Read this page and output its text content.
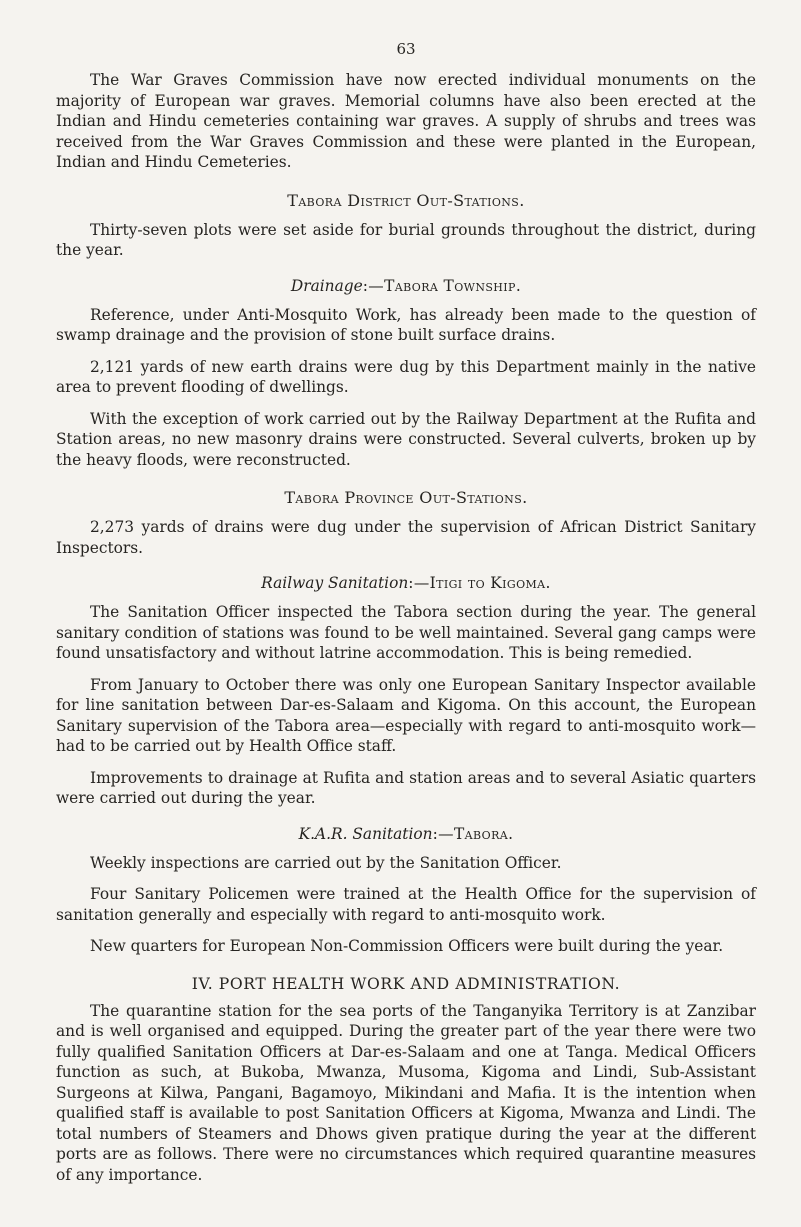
63

The War Graves Commission have now erected individual monuments on the majority of European war graves. Memorial columns have also been erected at the Indian and Hindu cemeteries containing war graves. A supply of shrubs and trees was received from the War Graves Commission and these were planted in the European, Indian and Hindu Cemeteries.

Tabora District Out-Stations.

Thirty-seven plots were set aside for burial grounds throughout the district, during the year.

Drainage:—Tabora Township.

Reference, under Anti-Mosquito Work, has already been made to the question of swamp drainage and the provision of stone built surface drains.

2,121 yards of new earth drains were dug by this Department mainly in the native area to prevent flooding of dwellings.

With the exception of work carried out by the Railway Department at the Rufita and Station areas, no new masonry drains were constructed. Several culverts, broken up by the heavy floods, were reconstructed.

Tabora Province Out-Stations.

2,273 yards of drains were dug under the supervision of African District Sanitary Inspectors.

Railway Sanitation:—Itigi to Kigoma.

The Sanitation Officer inspected the Tabora section during the year. The general sanitary condition of stations was found to be well maintained. Several gang camps were found unsatisfactory and without latrine accommodation. This is being remedied.

From January to October there was only one European Sanitary Inspector available for line sanitation between Dar-es-Salaam and Kigoma. On this account, the European Sanitary supervision of the Tabora area—especially with regard to anti-mosquito work—had to be carried out by Health Office staff.

Improvements to drainage at Rufita and station areas and to several Asiatic quarters were carried out during the year.

K.A.R. Sanitation:—Tabora.

Weekly inspections are carried out by the Sanitation Officer.

Four Sanitary Policemen were trained at the Health Office for the supervision of sanitation generally and especially with regard to anti-mosquito work.

New quarters for European Non-Commission Officers were built during the year.

IV. PORT HEALTH WORK AND ADMINISTRATION.

The quarantine station for the sea ports of the Tanganyika Territory is at Zanzibar and is well organised and equipped. During the greater part of the year there were two fully qualified Sanitation Officers at Dar-es-Salaam and one at Tanga. Medical Officers function as such, at Bukoba, Mwanza, Musoma, Kigoma and Lindi, Sub-Assistant Surgeons at Kilwa, Pangani, Bagamoyo, Mikindani and Mafia. It is the intention when qualified staff is available to post Sanitation Officers at Kigoma, Mwanza and Lindi. The total numbers of Steamers and Dhows given pratique during the year at the different ports are as follows. There were no circumstances which required quarantine measures of any importance.
